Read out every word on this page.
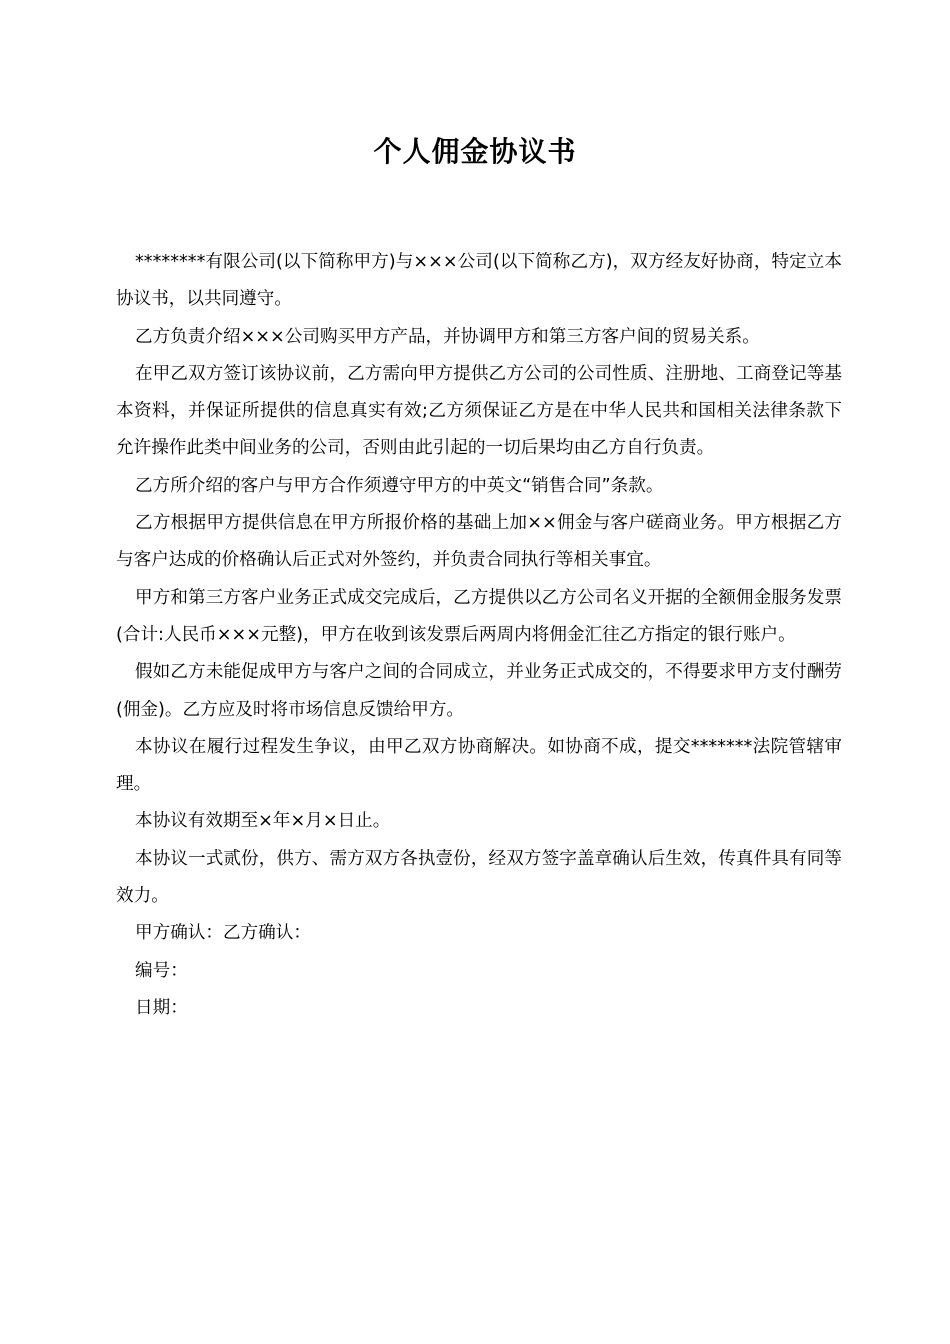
个人佣金协议书

********有限公司(以下简称甲方)与×××公司(以下简称乙方)，双方经友好协商，特定立本协议书，以共同遵守。

乙方负责介绍×××公司购买甲方产品，并协调甲方和第三方客户间的贸易关系。

在甲乙双方签订该协议前，乙方需向甲方提供乙方公司的公司性质、注册地、工商登记等基本资料，并保证所提供的信息真实有效;乙方须保证乙方是在中华人民共和国相关法律条款下允许操作此类中间业务的公司，否则由此引起的一切后果均由乙方自行负责。

乙方所介绍的客户与甲方合作须遵守甲方的中英文“销售合同”条款。

乙方根据甲方提供信息在甲方所报价格的基础上加××佣金与客户磋商业务。甲方根据乙方与客户达成的价格确认后正式对外签约，并负责合同执行等相关事宜。

甲方和第三方客户业务正式成交完成后，乙方提供以乙方公司名义开据的全额佣金服务发票(合计:人民币×××元整)，甲方在收到该发票后两周内将佣金汇往乙方指定的银行账户。

假如乙方未能促成甲方与客户之间的合同成立，并业务正式成交的，不得要求甲方支付酬劳(佣金)。乙方应及时将市场信息反馈给甲方。

本协议在履行过程发生争议，由甲乙双方协商解决。如协商不成，提交*******法院管辖审理。

本协议有效期至×年×月×日止。

本协议一式贰份，供方、需方双方各执壹份，经双方签字盖章确认后生效，传真件具有同等效力。

甲方确认：乙方确认：

编号：

日期：
